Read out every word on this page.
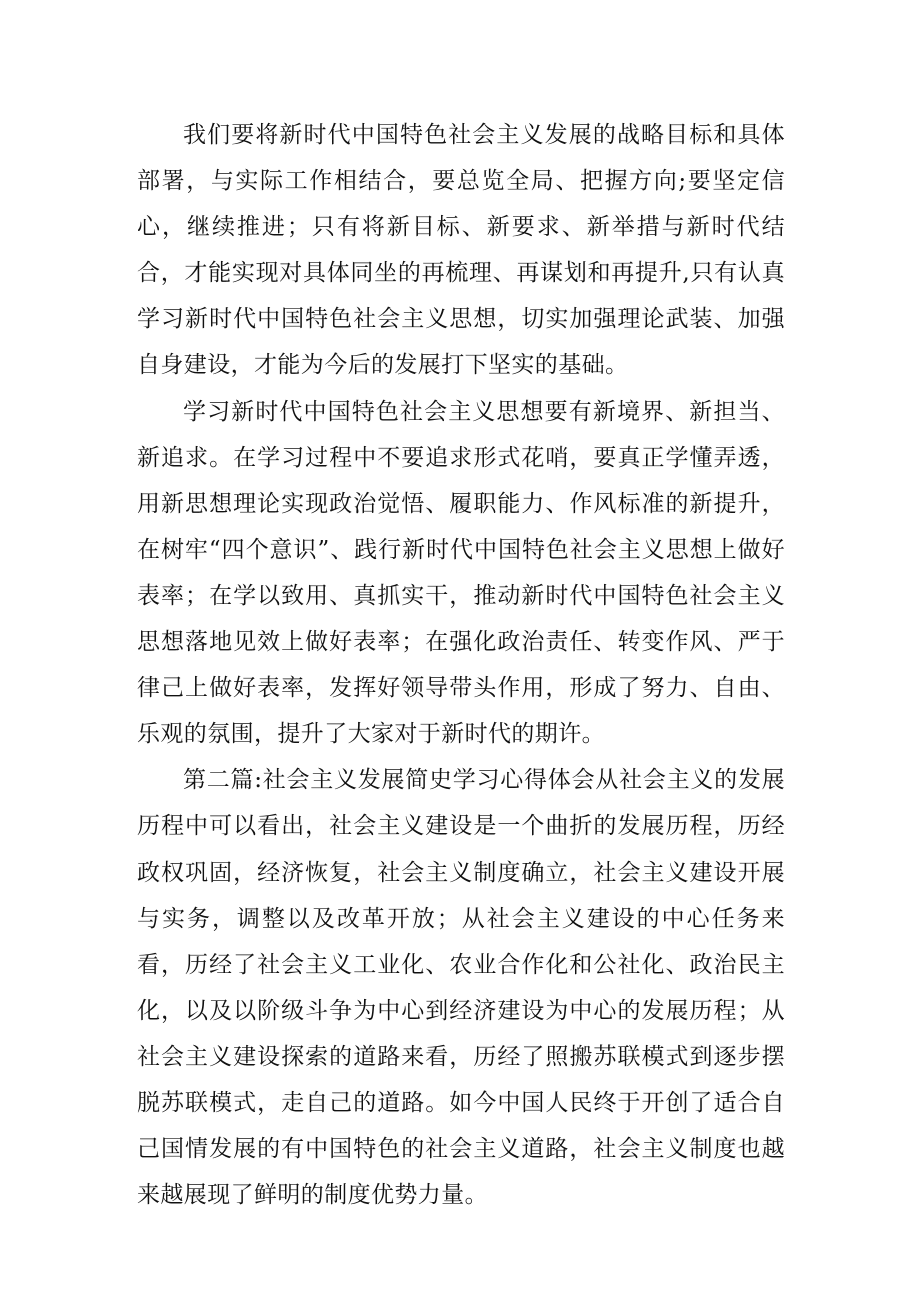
我们要将新时代中国特色社会主义发展的战略目标和具体部署，与实际工作相结合，要总览全局、把握方向;要坚定信心，继续推进；只有将新目标、新要求、新举措与新时代结合，才能实现对具体同坐的再梳理、再谋划和再提升,只有认真学习新时代中国特色社会主义思想，切实加强理论武装、加强自身建设，才能为今后的发展打下坚实的基础。

学习新时代中国特色社会主义思想要有新境界、新担当、新追求。在学习过程中不要追求形式花哨，要真正学懂弄透，用新思想理论实现政治觉悟、履职能力、作风标准的新提升，在树牢“四个意识”、践行新时代中国特色社会主义思想上做好表率；在学以致用、真抓实干，推动新时代中国特色社会主义思想落地见效上做好表率；在强化政治责任、转变作风、严于律己上做好表率，发挥好领导带头作用，形成了努力、自由、乐观的氛围，提升了大家对于新时代的期许。

第二篇:社会主义发展简史学习心得体会从社会主义的发展历程中可以看出，社会主义建设是一个曲折的发展历程，历经政权巩固，经济恢复，社会主义制度确立，社会主义建设开展与实务，调整以及改革开放；从社会主义建设的中心任务来看，历经了社会主义工业化、农业合作化和公社化、政治民主化，以及以阶级斗争为中心到经济建设为中心的发展历程；从社会主义建设探索的道路来看，历经了照搬苏联模式到逐步摆脱苏联模式，走自己的道路。如今中国人民终于开创了适合自己国情发展的有中国特色的社会主义道路，社会主义制度也越来越展现了鲜明的制度优势力量。
